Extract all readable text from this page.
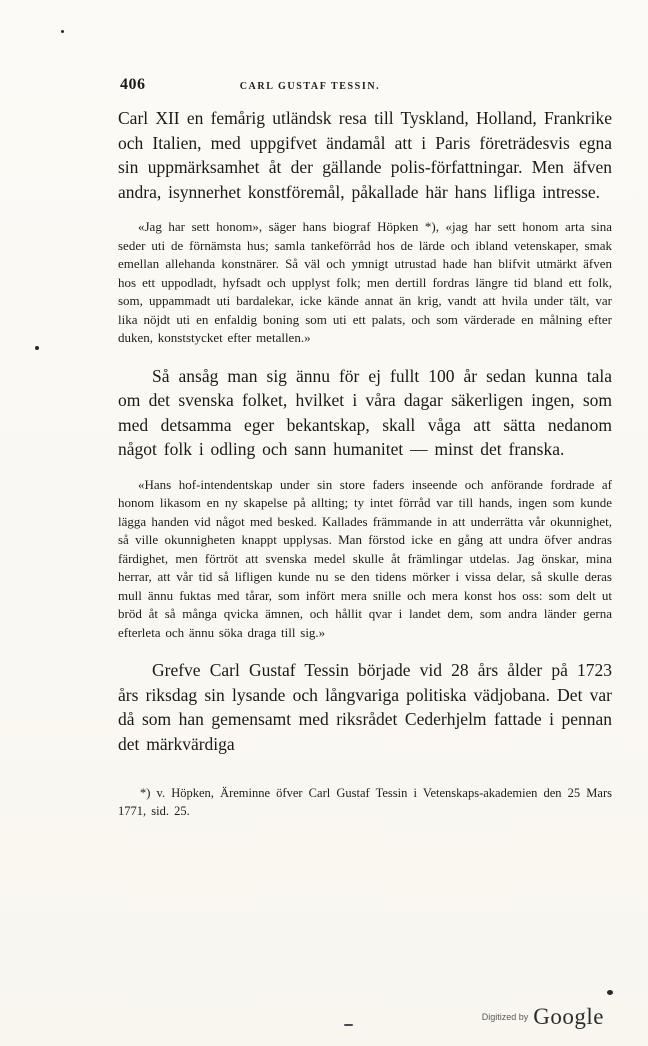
406	CARL GUSTAF TESSIN.

Carl XII en femårig utländsk resa till Tyskland, Holland, Frankrike och Italien, med uppgifvet ändamål att i Paris företrädesvis egna sin uppmärksamhet åt der gällande polis-författningar. Men äfven andra, isynnerhet konstföremål, påkallade här hans lifliga intresse.

«Jag har sett honom», säger hans biograf Höpken *), «jag har sett honom arta sina seder uti de förnämsta hus; samla tankeförråd hos de lärde och ibland vetenskaper, smak emellan allehanda konstnärer. Så väl och ymnigt utrustad hade han blifvit utmärkt äfven hos ett uppodladt, hyfsadt och upplyst folk; men dertill fordras längre tid bland ett folk, som, uppammadt uti bardalekar, icke kände annat än krig, vandt att hvila under tält, var lika nöjdt uti en enfaldig boning som uti ett palats, och som värderade en målning efter duken, konststycket efter metallen.»

Så ansåg man sig ännu för ej fullt 100 år sedan kunna tala om det svenska folket, hvilket i våra dagar säkerligen ingen, som med detsamma eger bekantskap, skall våga att sätta nedanom något folk i odling och sann humanitet — minst det franska.

«Hans hof-intendentskap under sin store faders inseende och anförande fordrade af honom likasom en ny skapelse på allting; ty intet förråd var till hands, ingen som kunde lägga handen vid något med besked. Kallades främmande in att underrätta vår okunnighet, så ville okunnigheten knappt upplysas. Man förstod icke en gång att undra öfver andras färdighet, men förtröt att svenska medel skulle åt främlingar utdelas. Jag önskar, mina herrar, att vår tid så lifligen kunde nu se den tidens mörker i vissa delar, så skulle deras mull ännu fuktas med tårar, som infört mera snille och mera konst hos oss: som delt ut bröd åt så många qvicka ämnen, och hållit qvar i landet dem, som andra länder gerna efterleta och ännu söka draga till sig.»

Grefve Carl Gustaf Tessin började vid 28 års ålder på 1723 års riksdag sin lysande och långvariga politiska vädjobana. Det var då som han gemensamt med riksrådet Cederhjelm fattade i pennan det märkvärdiga

*) v. Höpken, Äreminne öfver Carl Gustaf Tessin i Vetenskaps-akademien den 25 Mars 1771, sid. 25.
Digitized by Google
